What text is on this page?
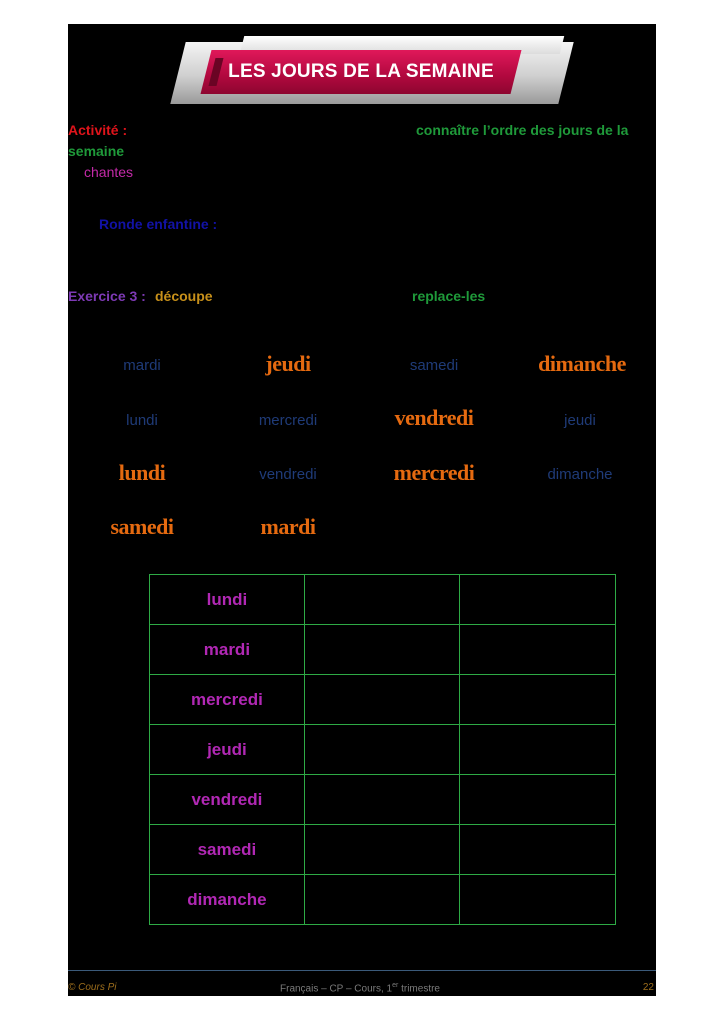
LES JOURS DE LA SEMAINE
Activité :	connaître l’ordre des jours de la
semaine
chantes
Ronde enfantine :
Exercice 3 : découpe	replace-les
mardi	jeudi	samedi	dimanche
lundi	mercredi	vendredi	jeudi
lundi	vendredi	mercredi	dimanche
samedi	mardi
lundi		
mardi		
mercredi		
jeudi		
vendredi		
samedi		
dimanche		
© Cours Pi	Français – CP – Cours, 1er trimestre	22
